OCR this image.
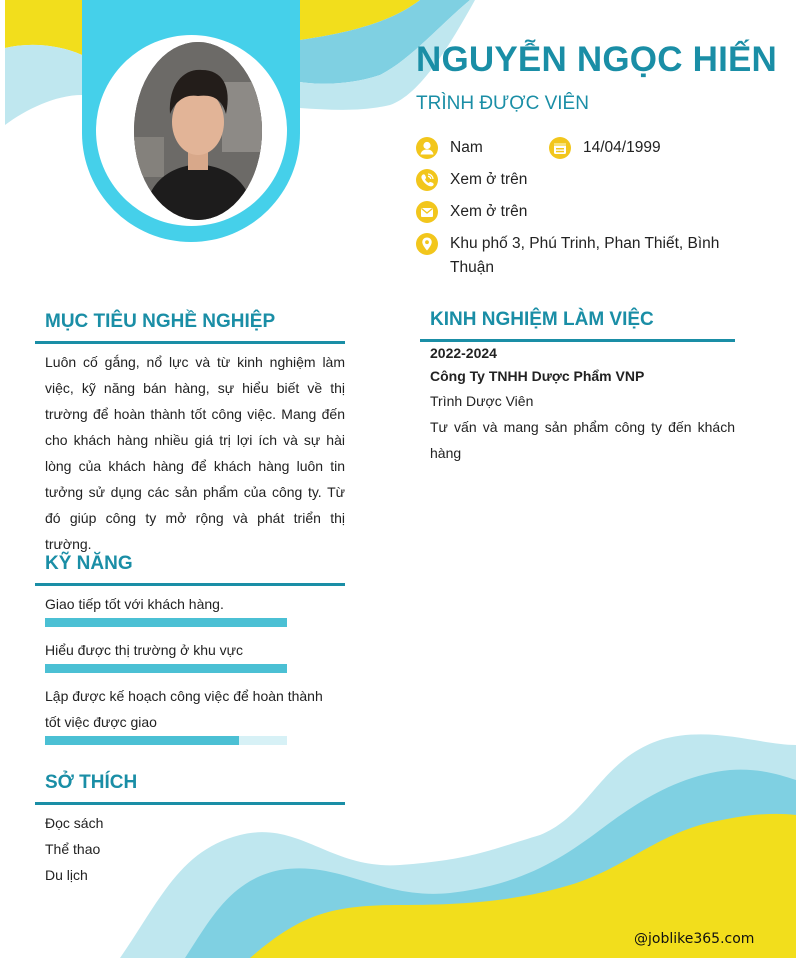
NGUYỄN NGỌC HIẾN
TRÌNH ĐƯỢC VIÊN
Nam	14/04/1999
Xem ở trên
Xem ở trên
Khu phố 3, Phú Trinh, Phan Thiết, Bình Thuận
MỤC TIÊU NGHỀ NGHIỆP

Luôn cố gắng, nổ lực và từ kinh nghiệm làm việc, kỹ năng bán hàng, sự hiểu biết về thị trường để hoàn thành tốt công việc. Mang đến cho khách hàng nhiều giá trị lợi ích và sự hài lòng của khách hàng để khách hàng luôn tin tưởng sử dụng các sản phẩm của công ty. Từ đó giúp công ty mở rộng và phát triển thị trường.

KỸ NĂNG
Giao tiếp tốt với khách hàng.
Hiểu được thị trường ở khu vực
Lập được kế hoạch công việc để hoàn thành tốt việc được giao
SỞ THÍCH
Đọc sách
Thể thao
Du lịch
KINH NGHIỆM LÀM VIỆC
2022-2024
Công Ty TNHH Dược Phẩm VNP
Trình Dược Viên
Tư vấn và mang sản phẩm công ty đến khách hàng
@joblike365.com
